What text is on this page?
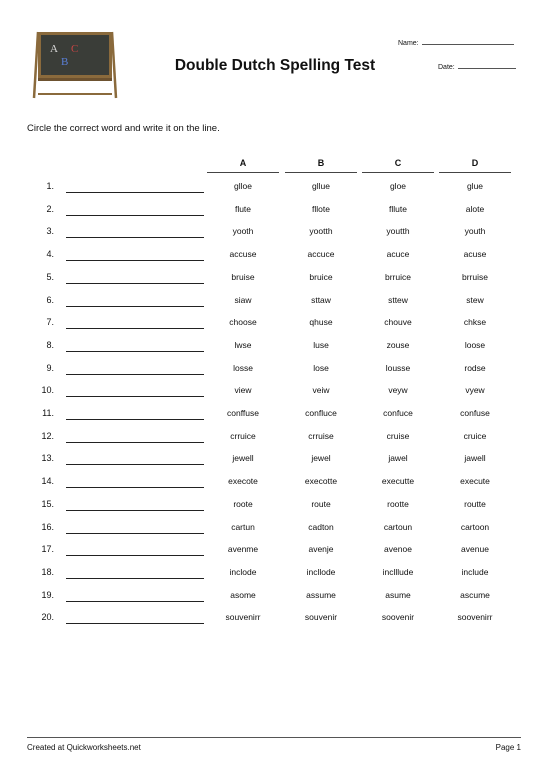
A
B
C
Double Dutch Spelling Test
Name:
Date:
Circle the correct word and write it on the line.
A	B	C	D
1.	glloe	gllue	gloe	glue
2.	flute	fllote	fllute	alote
3.	yooth	yootth	youtth	youth
4.	accuse	accuce	acuce	acuse
5.	bruise	bruice	brruice	brruise
6.	siaw	sttaw	sttew	stew
7.	choose	qhuse	chouve	chkse
8.	lwse	luse	zouse	loose
9.	losse	lose	lousse	rodse
10.	view	veiw	veyw	vyew
11.	conffuse	confluce	confuce	confuse
12.	crruice	crruise	cruise	cruice
13.	jewell	jewel	jawel	jawell
14.	execote	execotte	executte	execute
15.	roote	route	rootte	routte
16.	cartun	cadton	cartoun	cartoon
17.	avenme	avenje	avenoe	avenue
18.	inclode	incllode	inclllude	include
19.	asome	assume	asume	ascume
20.	souvenirr	souvenir	soovenir	soovenirr
Created at Quickworksheets.net	Page 1
